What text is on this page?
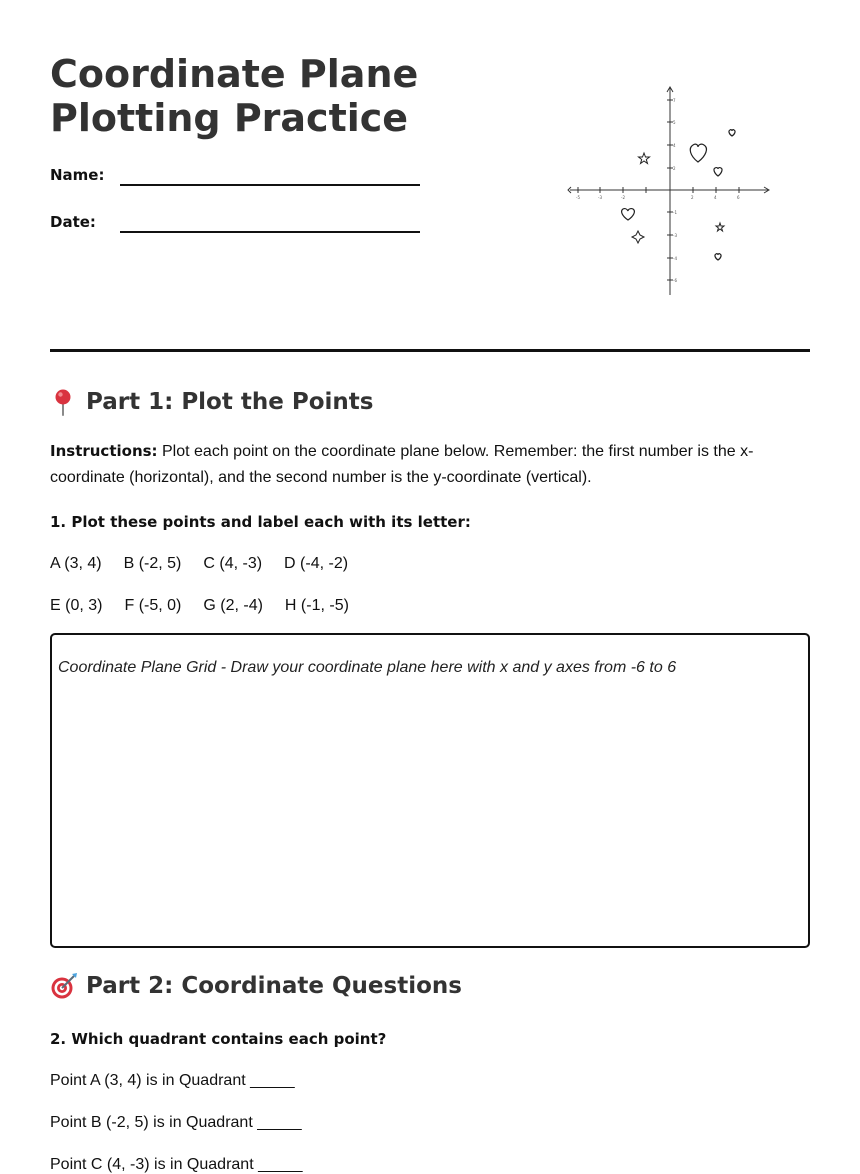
Coordinate Plane Plotting Practice
Name:
Date:
7
5
4
2
-1
-3
-4
-6
-5	-3	-2	2	4	6
Part 1: Plot the Points
Instructions: Plot each point on the coordinate plane below. Remember: the first number is the x-coordinate (horizontal), and the second number is the y-coordinate (vertical).
1. Plot these points and label each with its letter:
A (3, 4) B (-2, 5) C (4, -3) D (-4, -2)
E (0, 3) F (-5, 0) G (2, -4) H (-1, -5)
Coordinate Plane Grid - Draw your coordinate plane here with x and y axes from -6 to 6
Part 2: Coordinate Questions
2. Which quadrant contains each point?
Point A (3, 4) is in Quadrant _____
Point B (-2, 5) is in Quadrant _____
Point C (4, -3) is in Quadrant _____
